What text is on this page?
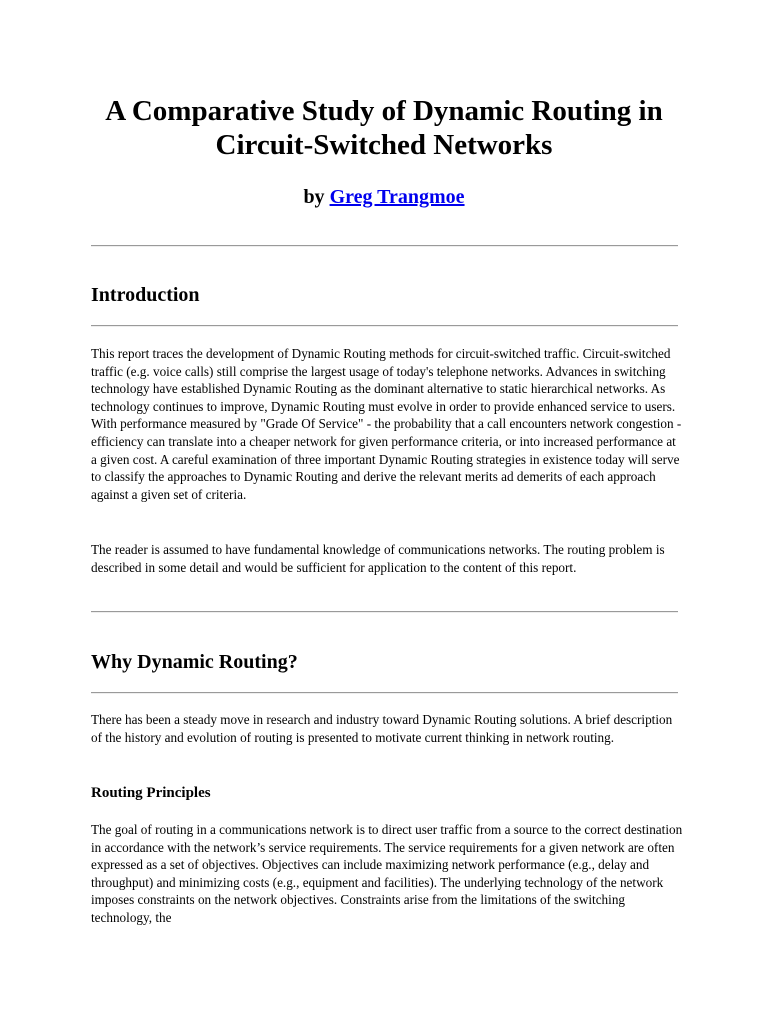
A Comparative Study of Dynamic Routing in Circuit-Switched Networks
by Greg Trangmoe
Introduction

This report traces the development of Dynamic Routing methods for circuit-switched traffic. Circuit-switched traffic (e.g. voice calls) still comprise the largest usage of today's telephone networks. Advances in switching technology have established Dynamic Routing as the dominant alternative to static hierarchical networks. As technology continues to improve, Dynamic Routing must evolve in order to provide enhanced service to users. With performance measured by "Grade Of Service" - the probability that a call encounters network congestion - efficiency can translate into a cheaper network for given performance criteria, or into increased performance at a given cost. A careful examination of three important Dynamic Routing strategies in existence today will serve to classify the approaches to Dynamic Routing and derive the relevant merits ad demerits of each approach against a given set of criteria.

The reader is assumed to have fundamental knowledge of communications networks. The routing problem is described in some detail and would be sufficient for application to the content of this report.

Why Dynamic Routing?

There has been a steady move in research and industry toward Dynamic Routing solutions. A brief description of the history and evolution of routing is presented to motivate current thinking in network routing.

Routing Principles

The goal of routing in a communications network is to direct user traffic from a source to the correct destination in accordance with the network’s service requirements. The service requirements for a given network are often expressed as a set of objectives. Objectives can include maximizing network performance (e.g., delay and throughput) and minimizing costs (e.g., equipment and facilities). The underlying technology of the network imposes constraints on the network objectives. Constraints arise from the limitations of the switching technology, the
